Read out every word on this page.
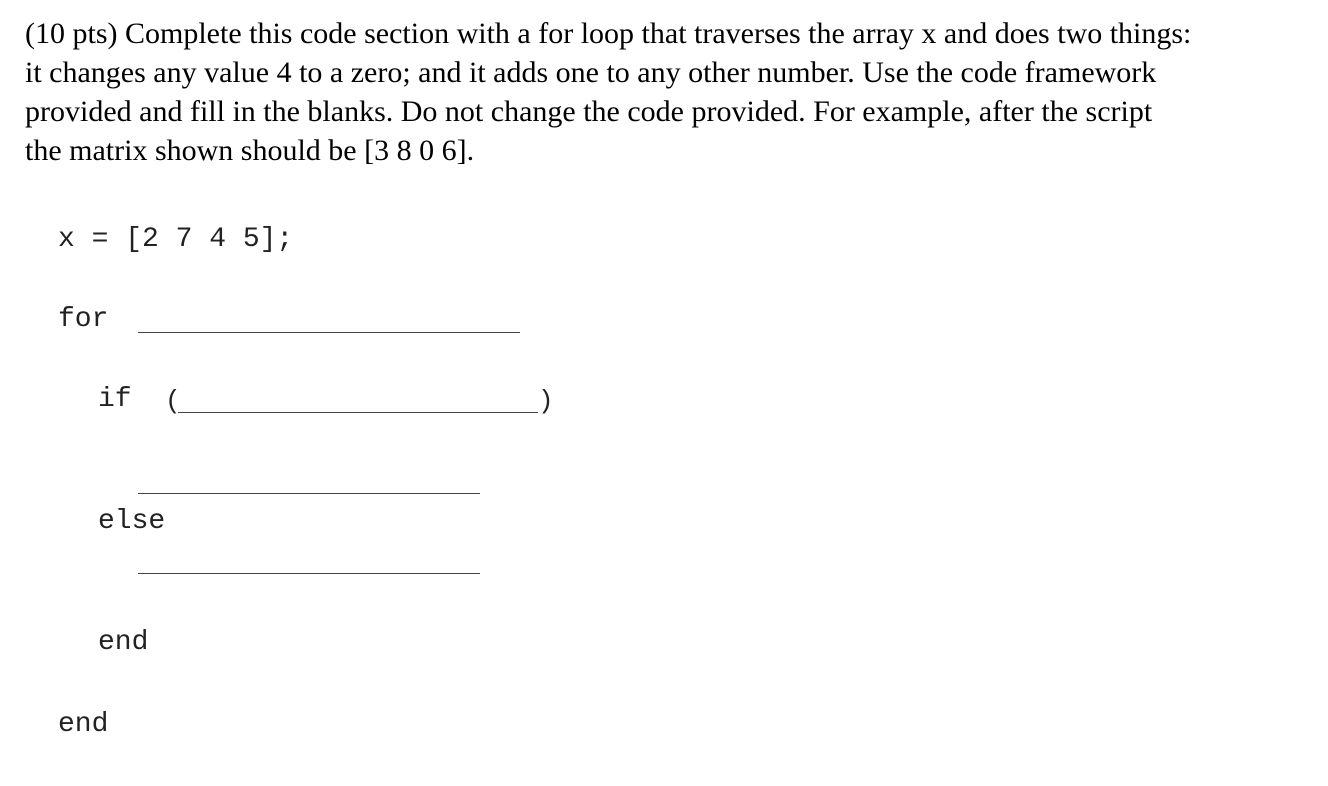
(10 pts) Complete this code section with a for loop that traverses the array x and does two things:
it changes any value 4 to a zero; and it adds one to any other number. Use the code framework
provided and fill in the blanks. Do not change the code provided. For example, after the script
the matrix shown should be [3 8 0 6].

x = [2 7 4 5];
for
if (	)
else
end
end
